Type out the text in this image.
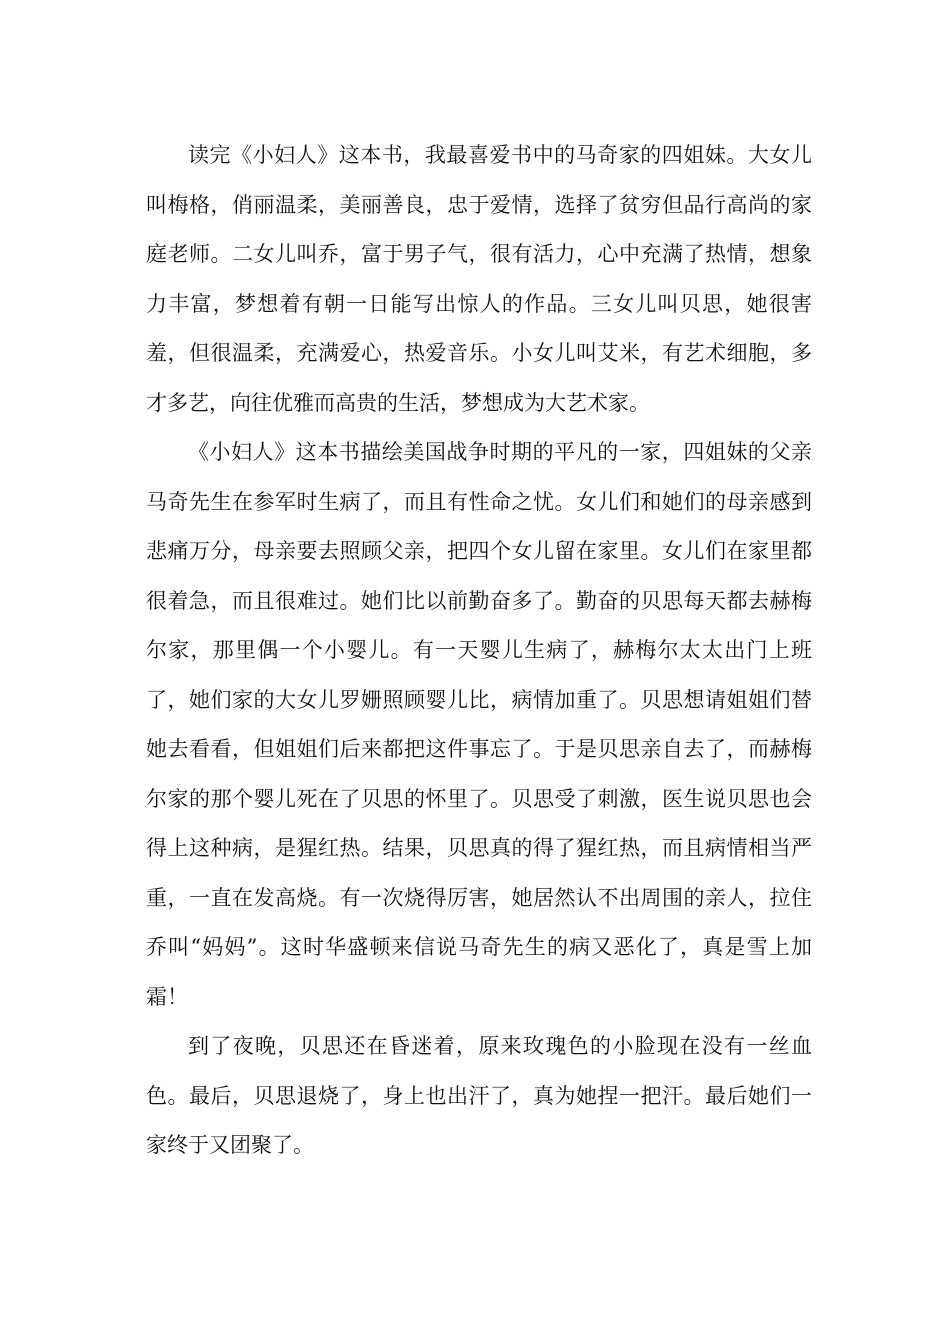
读完《小妇人》这本书，我最喜爱书中的马奇家的四姐妹。大女儿叫梅格，俏丽温柔，美丽善良，忠于爱情，选择了贫穷但品行高尚的家庭老师。二女儿叫乔，富于男子气，很有活力，心中充满了热情，想象力丰富，梦想着有朝一日能写出惊人的作品。三女儿叫贝思，她很害羞，但很温柔，充满爱心，热爱音乐。小女儿叫艾米，有艺术细胞，多才多艺，向往优雅而高贵的生活，梦想成为大艺术家。

《小妇人》这本书描绘美国战争时期的平凡的一家，四姐妹的父亲马奇先生在参军时生病了，而且有性命之忧。女儿们和她们的母亲感到悲痛万分，母亲要去照顾父亲，把四个女儿留在家里。女儿们在家里都很着急，而且很难过。她们比以前勤奋多了。勤奋的贝思每天都去赫梅尔家，那里偶一个小婴儿。有一天婴儿生病了，赫梅尔太太出门上班了，她们家的大女儿罗姗照顾婴儿比，病情加重了。贝思想请姐姐们替她去看看，但姐姐们后来都把这件事忘了。于是贝思亲自去了，而赫梅尔家的那个婴儿死在了贝思的怀里了。贝思受了刺激，医生说贝思也会得上这种病，是猩红热。结果，贝思真的得了猩红热，而且病情相当严重，一直在发高烧。有一次烧得厉害，她居然认不出周围的亲人，拉住乔叫“妈妈”。这时华盛顿来信说马奇先生的病又恶化了，真是雪上加霜！

到了夜晚，贝思还在昏迷着，原来玫瑰色的小脸现在没有一丝血色。最后，贝思退烧了，身上也出汗了，真为她捏一把汗。最后她们一家终于又团聚了。
